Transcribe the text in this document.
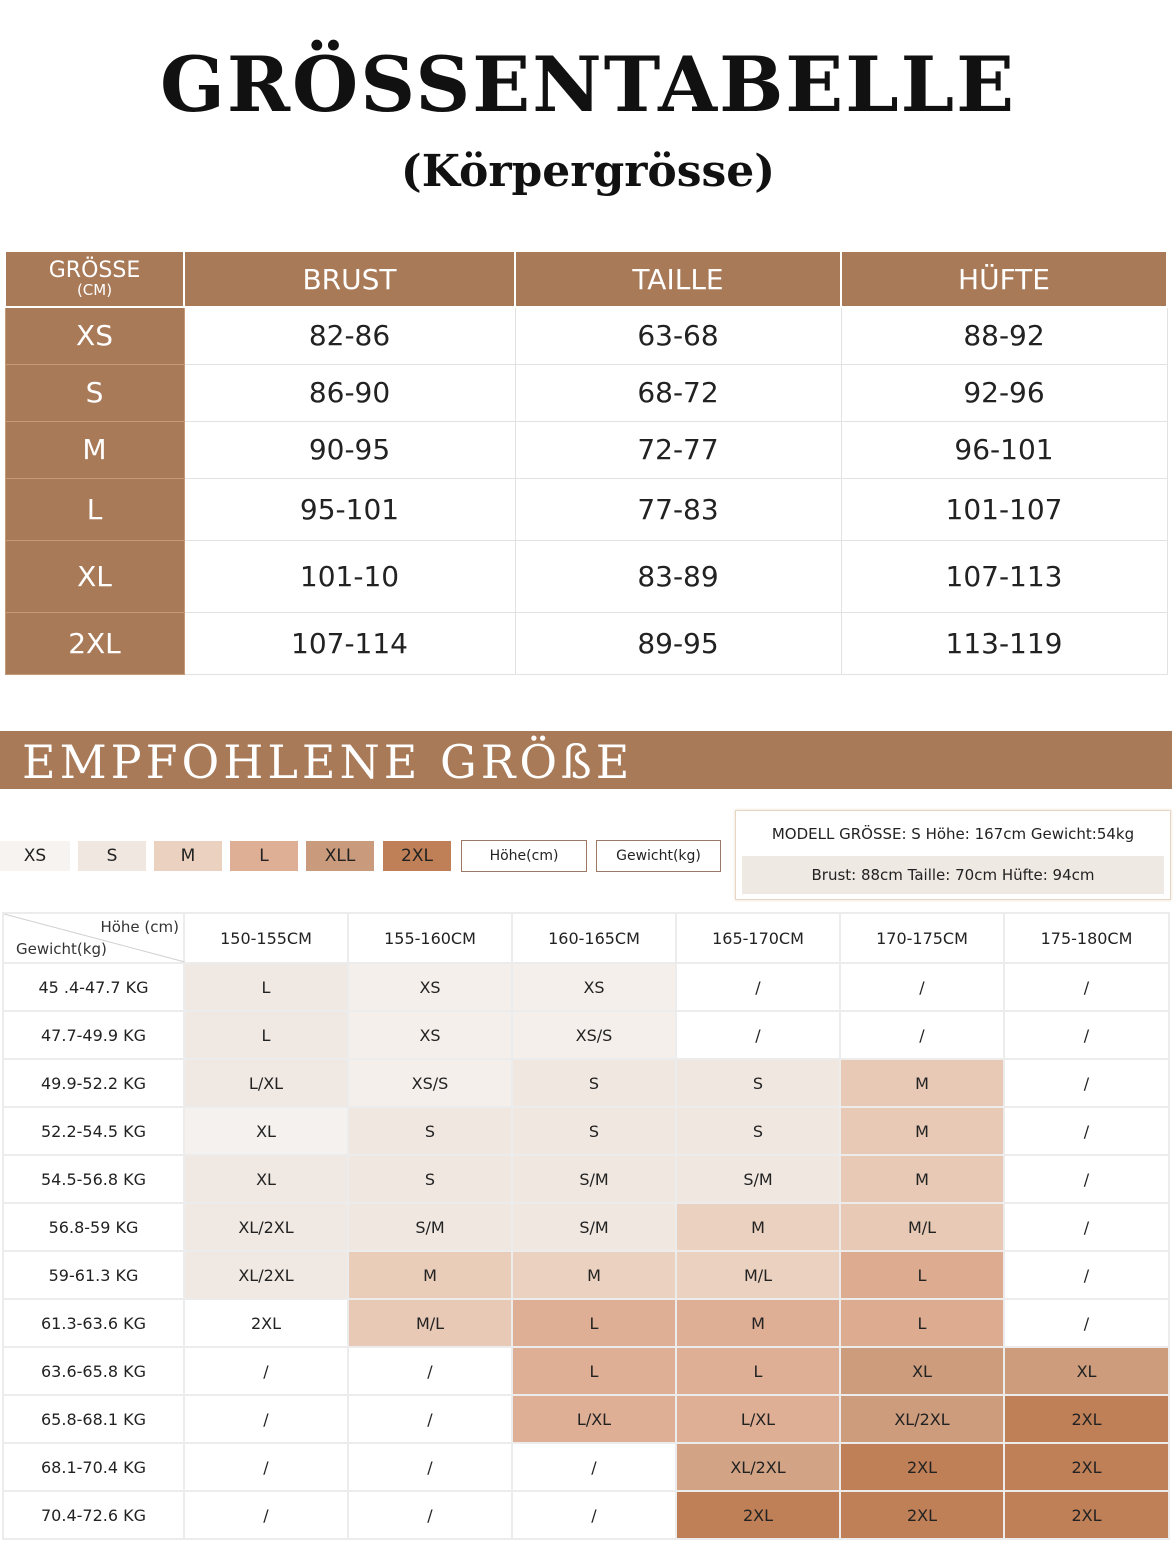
GRÖSSENTABELLE
(Körpergrösse)
GRÖSSE
(CM)	BRUST	TAILLE	HÜFTE
XS	82-86	63-68	88-92
S	86-90	68-72	92-96
M	90-95	72-77	96-101
L	95-101	77-83	101-107
XL	101-10	83-89	107-113
2XL	107-114	89-95	113-119
EMPFOHLENE GRÖßE
XS	S	M	L	XLL	2XL	Höhe(cm)	Gewicht(kg)
MODELL GRÖSSE: S Höhe: 167cm Gewicht:54kg
Brust: 88cm Taille: 70cm Hüfte: 94cm
Höhe (cm)
Gewicht(kg)	150-155CM	155-160CM	160-165CM	165-170CM	170-175CM	175-180CM
45 .4-47.7 KG	L	XS	XS	/	/	/
47.7-49.9 KG	L	XS	XS/S	/	/	/
49.9-52.2 KG	L/XL	XS/S	S	S	M	/
52.2-54.5 KG	XL	S	S	S	M	/
54.5-56.8 KG	XL	S	S/M	S/M	M	/
56.8-59 KG	XL/2XL	S/M	S/M	M	M/L	/
59-61.3 KG	XL/2XL	M	M	M/L	L	/
61.3-63.6 KG	2XL	M/L	L	M	L	/
63.6-65.8 KG	/	/	L	L	XL	XL
65.8-68.1 KG	/	/	L/XL	L/XL	XL/2XL	2XL
68.1-70.4 KG	/	/	/	XL/2XL	2XL	2XL
70.4-72.6 KG	/	/	/	2XL	2XL	2XL
